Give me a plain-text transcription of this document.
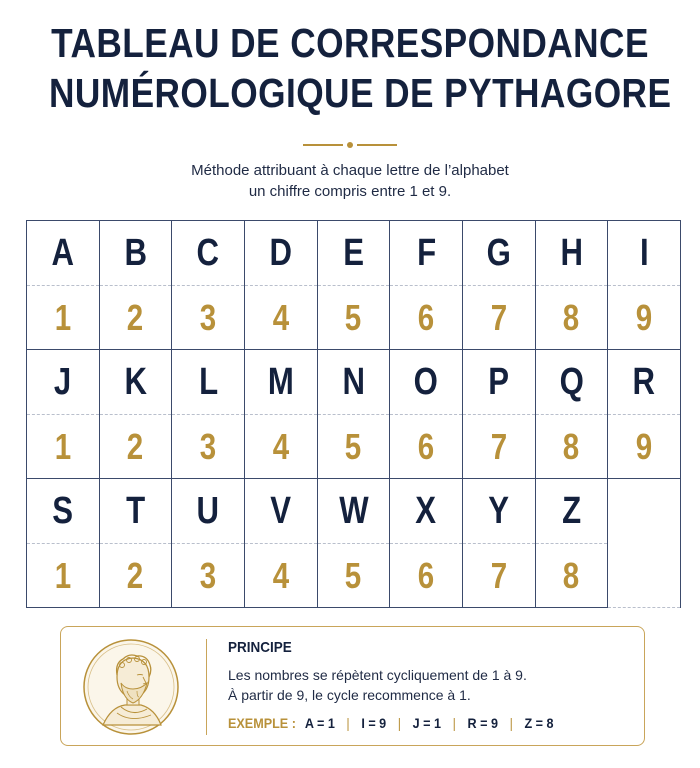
TABLEAU DE CORRESPONDANCE
NUMÉROLOGIQUE DE PYTHAGORE
Méthode attribuant à chaque lettre de l’alphabet
un chiffre compris entre 1 et 9.
A	B	C	D	E	F	G	H	I
1	2	3	4	5	6	7	8	9
J	K	L	M	N	O	P	Q	R
1	2	3	4	5	6	7	8	9
S	T	U	V	W	X	Y	Z	
1	2	3	4	5	6	7	8	
PRINCIPE
Les nombres se répètent cycliquement de 1 à 9.
À partir de 9, le cycle recommence à 1.
EXEMPLE : A = 1 | I = 9 | J = 1 | R = 9 | Z = 8
